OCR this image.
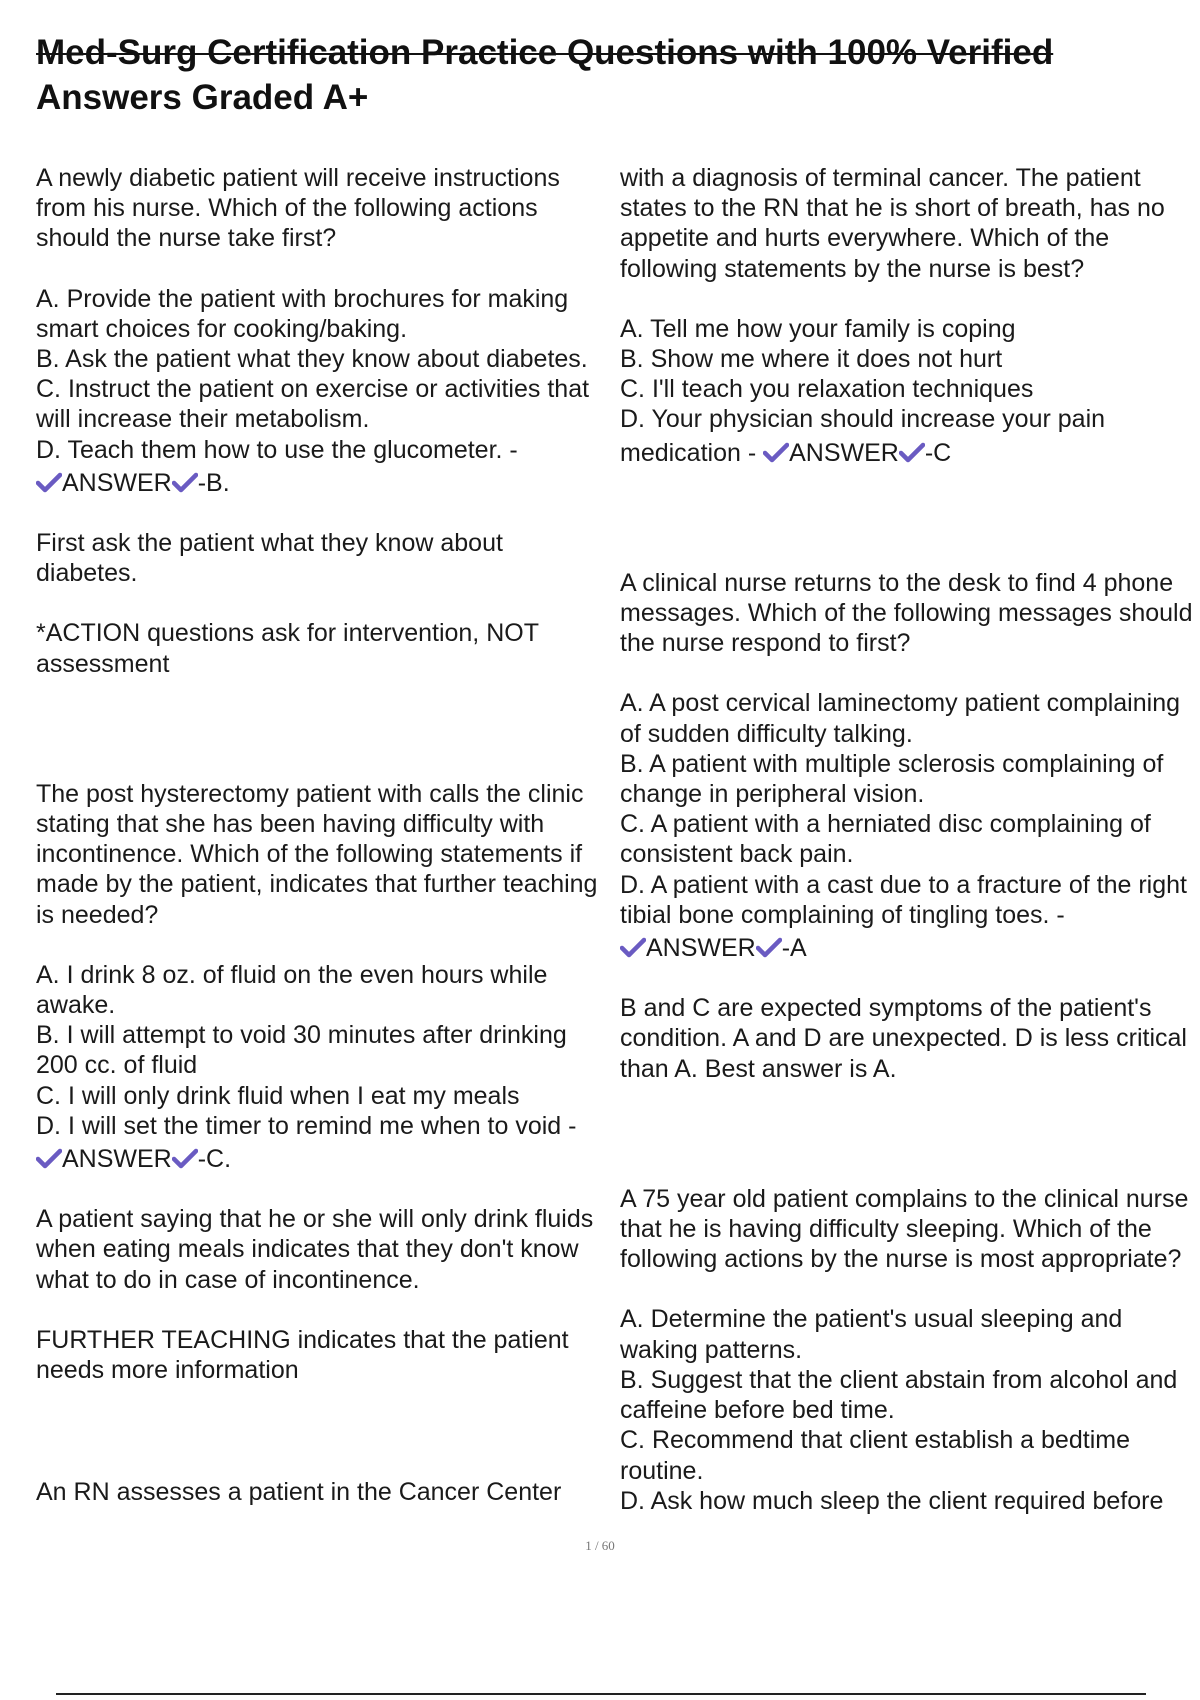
Med-Surg Certification Practice Questions with 100% Verified
Answers Graded A+

A newly diabetic patient will receive instructions from his nurse. Which of the following actions should the nurse take first?

A. Provide the patient with brochures for making smart choices for cooking/baking.
B. Ask the patient what they know about diabetes.
C. Instruct the patient on exercise or activities that will increase their metabolism.
D. Teach them how to use the glucometer. -

ANSWER -B.

First ask the patient what they know about diabetes.

*ACTION questions ask for intervention, NOT assessment

The post hysterectomy patient with calls the clinic stating that she has been having difficulty with incontinence. Which of the following statements if made by the patient, indicates that further teaching is needed?

A. I drink 8 oz. of fluid on the even hours while awake.
B. I will attempt to void 30 minutes after drinking 200 cc. of fluid
C. I will only drink fluid when I eat my meals
D. I will set the timer to remind me when to void -

ANSWER -C.

A patient saying that he or she will only drink fluids when eating meals indicates that they don't know what to do in case of incontinence.

FURTHER TEACHING indicates that the patient needs more information

An RN assesses a patient in the Cancer Center

with a diagnosis of terminal cancer. The patient states to the RN that he is short of breath, has no appetite and hurts everywhere. Which of the following statements by the nurse is best?

A. Tell me how your family is coping
B. Show me where it does not hurt
C. I'll teach you relaxation techniques
D. Your physician should increase your pain

medication - ANSWER -C

A clinical nurse returns to the desk to find 4 phone messages. Which of the following messages should the nurse respond to first?

A. A post cervical laminectomy patient complaining of sudden difficulty talking.
B. A patient with multiple sclerosis complaining of change in peripheral vision.
C. A patient with a herniated disc complaining of consistent back pain.
D. A patient with a cast due to a fracture of the right tibial bone complaining of tingling toes. -

ANSWER -A

B and C are expected symptoms of the patient's condition. A and D are unexpected. D is less critical than A. Best answer is A.

A 75 year old patient complains to the clinical nurse that he is having difficulty sleeping. Which of the following actions by the nurse is most appropriate?

A. Determine the patient's usual sleeping and waking patterns.
B. Suggest that the client abstain from alcohol and caffeine before bed time.
C. Recommend that client establish a bedtime routine.
D. Ask how much sleep the client required before

1 / 60
